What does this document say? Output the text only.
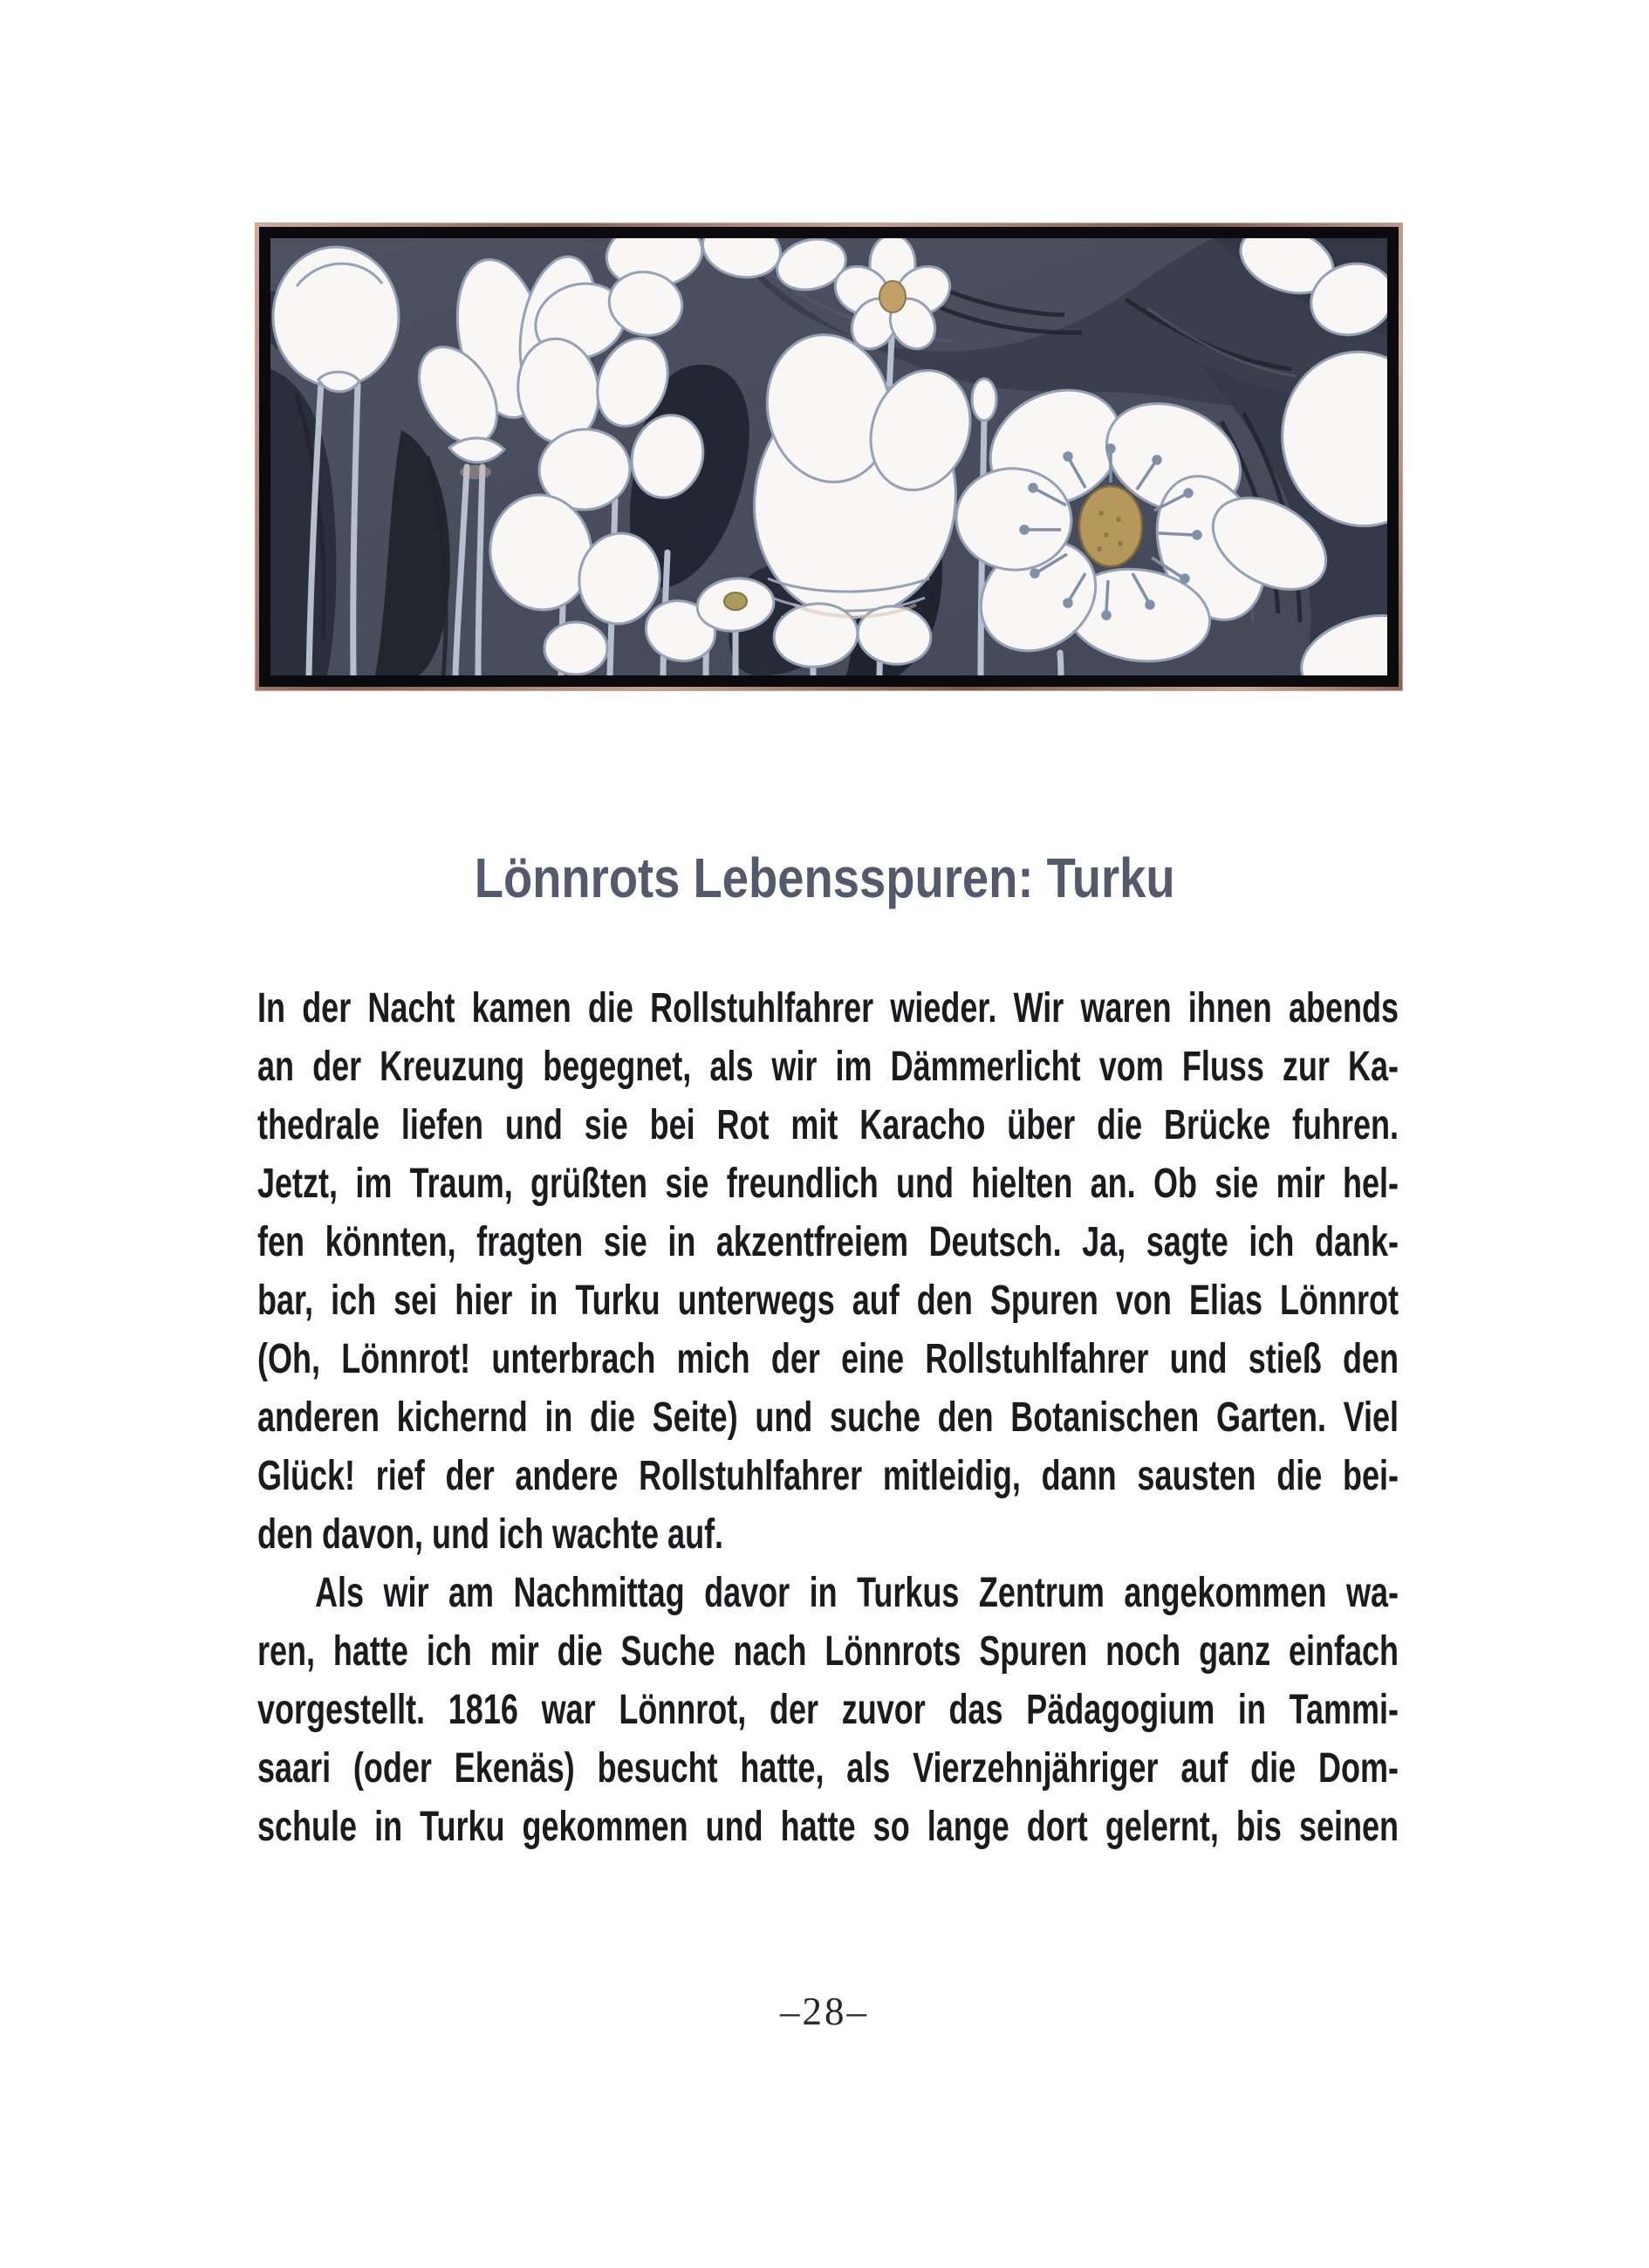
Lönnrots Lebensspuren: Turku
In der Nacht kamen die Rollstuhlfahrer wieder. Wir waren ihnen abends
an der Kreuzung begegnet, als wir im Dämmerlicht vom Fluss zur Ka-
thedrale liefen und sie bei Rot mit Karacho über die Brücke fuhren.
Jetzt, im Traum, grüßten sie freundlich und hielten an. Ob sie mir hel-
fen könnten, fragten sie in akzentfreiem Deutsch. Ja, sagte ich dank-
bar, ich sei hier in Turku unterwegs auf den Spuren von Elias Lönnrot
(Oh, Lönnrot! unterbrach mich der eine Rollstuhlfahrer und stieß den
anderen kichernd in die Seite) und suche den Botanischen Garten. Viel
Glück! rief der andere Rollstuhlfahrer mitleidig, dann sausten die bei-
den davon, und ich wachte auf.
Als wir am Nachmittag davor in Turkus Zentrum angekommen wa-
ren, hatte ich mir die Suche nach Lönnrots Spuren noch ganz einfach
vorgestellt. 1816 war Lönnrot, der zuvor das Pädagogium in Tammi-
saari (oder Ekenäs) besucht hatte, als Vierzehnjähriger auf die Dom-
schule in Turku gekommen und hatte so lange dort gelernt, bis seinen
–28–
